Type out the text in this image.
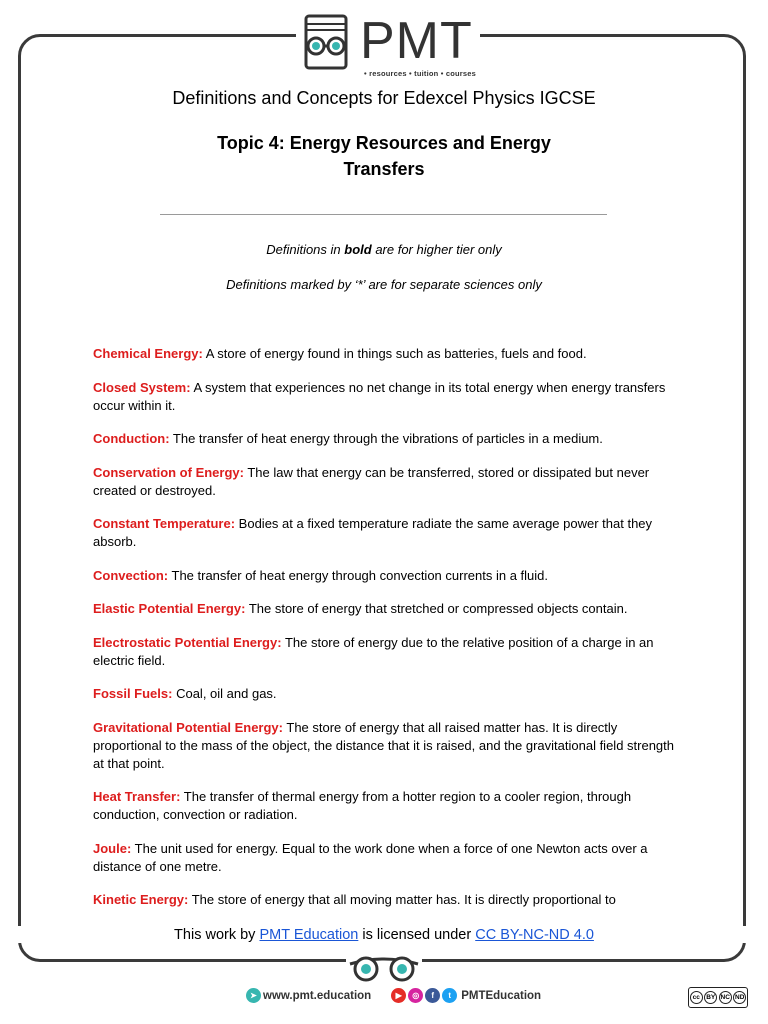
PMT
• resources • tuition • courses
Definitions and Concepts for Edexcel Physics IGCSE
Topic 4: Energy Resources and Energy
Transfers
Definitions in bold are for higher tier only
Definitions marked by ‘*’ are for separate sciences only
Chemical Energy: A store of energy found in things such as batteries, fuels and food.
Closed System: A system that experiences no net change in its total energy when energy transfers occur within it.
Conduction: The transfer of heat energy through the vibrations of particles in a medium.
Conservation of Energy: The law that energy can be transferred, stored or dissipated but never created or destroyed.
Constant Temperature: Bodies at a fixed temperature radiate the same average power that they absorb.
Convection: The transfer of heat energy through convection currents in a fluid.
Elastic Potential Energy: The store of energy that stretched or compressed objects contain.
Electrostatic Potential Energy: The store of energy due to the relative position of a charge in an electric field.
Fossil Fuels: Coal, oil and gas.
Gravitational Potential Energy: The store of energy that all raised matter has. It is directly proportional to the mass of the object, the distance that it is raised, and the gravitational field strength at that point.
Heat Transfer: The transfer of thermal energy from a hotter region to a cooler region, through conduction, convection or radiation.
Joule: The unit used for energy. Equal to the work done when a force of one Newton acts over a distance of one metre.
Kinetic Energy: The store of energy that all moving matter has. It is directly proportional to
This work by PMT Education is licensed under CC BY-NC-ND 4.0
➤ www.pmt.education	▶	◎	f	t PMTEducation	cc BY NC ND
